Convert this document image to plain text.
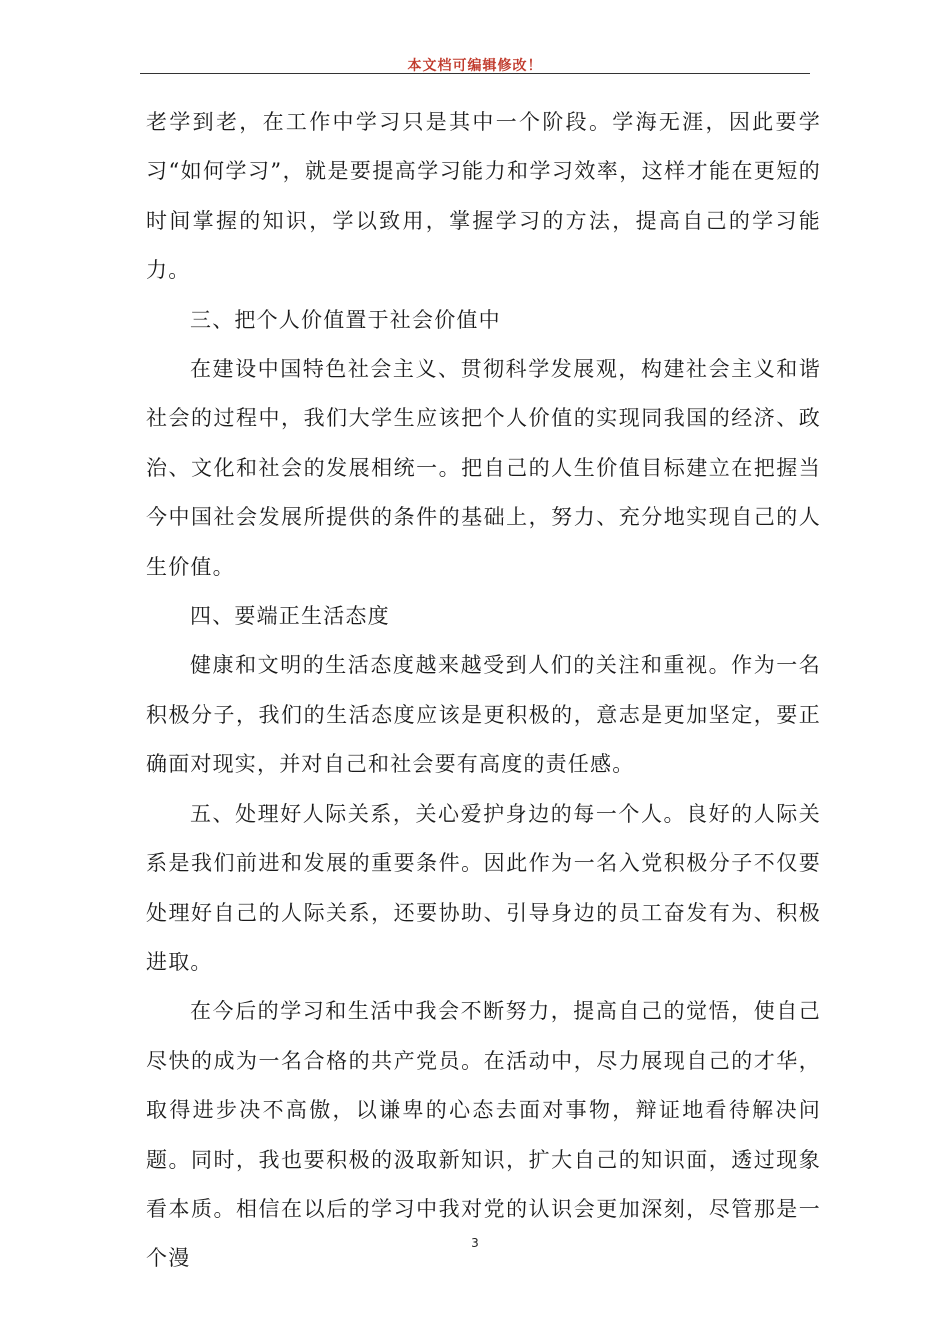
本文档可编辑修改！

老学到老，在工作中学习只是其中一个阶段。学海无涯，因此要学习“如何学习”，就是要提高学习能力和学习效率，这样才能在更短的时间掌握的知识，学以致用，掌握学习的方法，提高自己的学习能力。

三、把个人价值置于社会价值中

在建设中国特色社会主义、贯彻科学发展观，构建社会主义和谐社会的过程中，我们大学生应该把个人价值的实现同我国的经济、政治、文化和社会的发展相统一。把自己的人生价值目标建立在把握当今中国社会发展所提供的条件的基础上，努力、充分地实现自己的人生价值。

四、要端正生活态度

健康和文明的生活态度越来越受到人们的关注和重视。作为一名积极分子，我们的生活态度应该是更积极的，意志是更加坚定，要正确面对现实，并对自己和社会要有高度的责任感。

五、处理好人际关系，关心爱护身边的每一个人。良好的人际关系是我们前进和发展的重要条件。因此作为一名入党积极分子不仅要处理好自己的人际关系，还要协助、引导身边的员工奋发有为、积极进取。

在今后的学习和生活中我会不断努力，提高自己的觉悟，使自己尽快的成为一名合格的共产党员。在活动中，尽力展现自己的才华，取得进步决不高傲，以谦卑的心态去面对事物，辩证地看待解决问题。同时，我也要积极的汲取新知识，扩大自己的知识面，透过现象看本质。相信在以后的学习中我对党的认识会更加深刻，尽管那是一个漫

3
